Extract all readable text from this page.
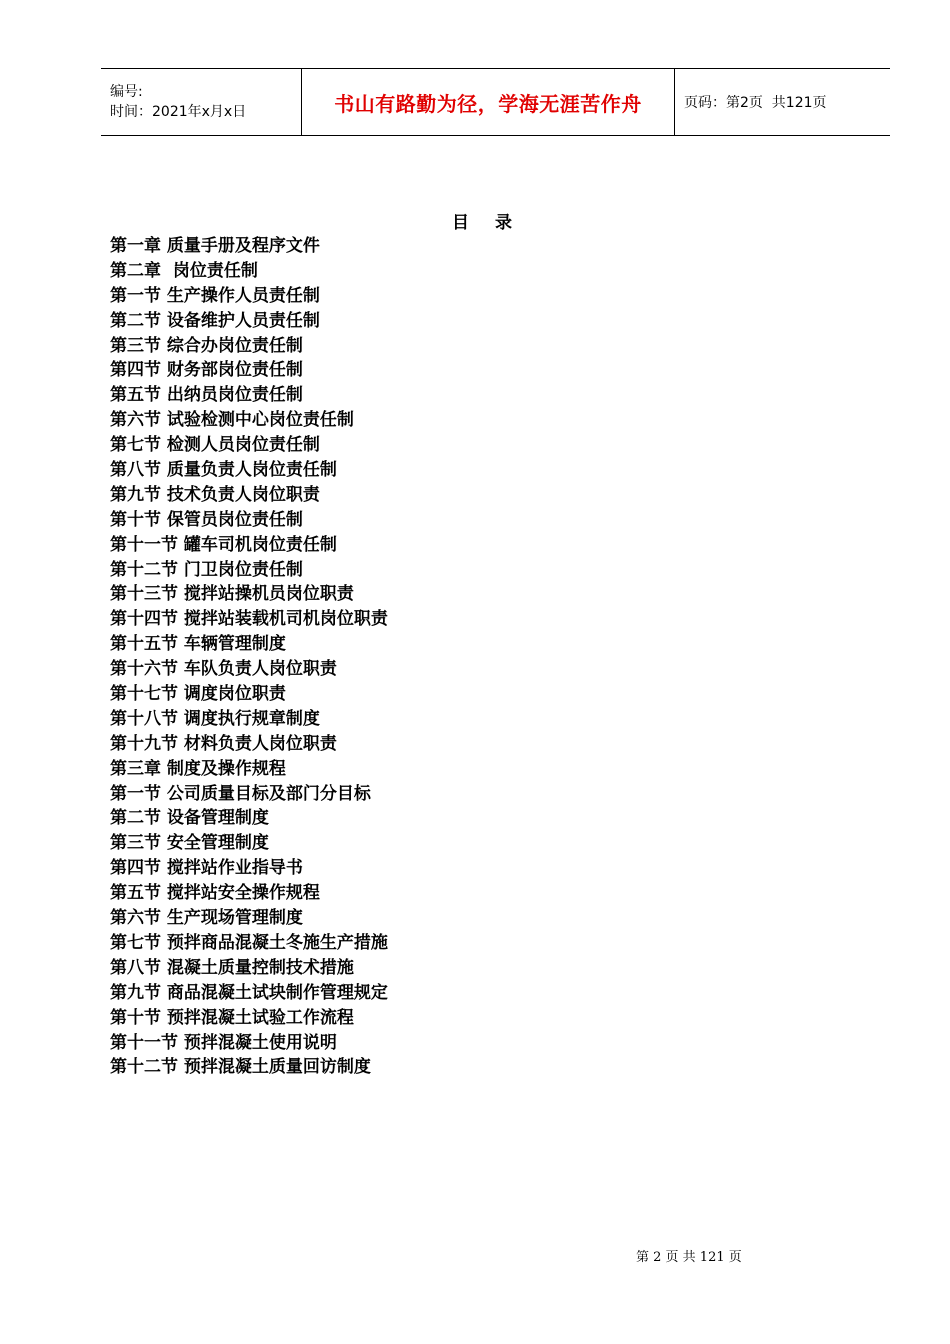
编号:
时间：2021年x月x日	书山有路勤为径，学海无涯苦作舟	页码：第2页  共121页
目录
第一章 质量手册及程序文件
第二章  岗位责任制
第一节 生产操作人员责任制
第二节 设备维护人员责任制
第三节 综合办岗位责任制
第四节 财务部岗位责任制
第五节 出纳员岗位责任制
第六节 试验检测中心岗位责任制
第七节 检测人员岗位责任制
第八节 质量负责人岗位责任制
第九节 技术负责人岗位职责
第十节 保管员岗位责任制
第十一节 罐车司机岗位责任制
第十二节 门卫岗位责任制
第十三节 搅拌站操机员岗位职责
第十四节 搅拌站装载机司机岗位职责
第十五节 车辆管理制度
第十六节 车队负责人岗位职责
第十七节 调度岗位职责
第十八节 调度执行规章制度
第十九节 材料负责人岗位职责
第三章 制度及操作规程
第一节 公司质量目标及部门分目标
第二节 设备管理制度
第三节 安全管理制度
第四节 搅拌站作业指导书
第五节 搅拌站安全操作规程
第六节 生产现场管理制度
第七节 预拌商品混凝土冬施生产措施
第八节 混凝土质量控制技术措施
第九节 商品混凝土试块制作管理规定
第十节 预拌混凝土试验工作流程
第十一节 预拌混凝土使用说明
第十二节 预拌混凝土质量回访制度
第 2 页 共 121 页
